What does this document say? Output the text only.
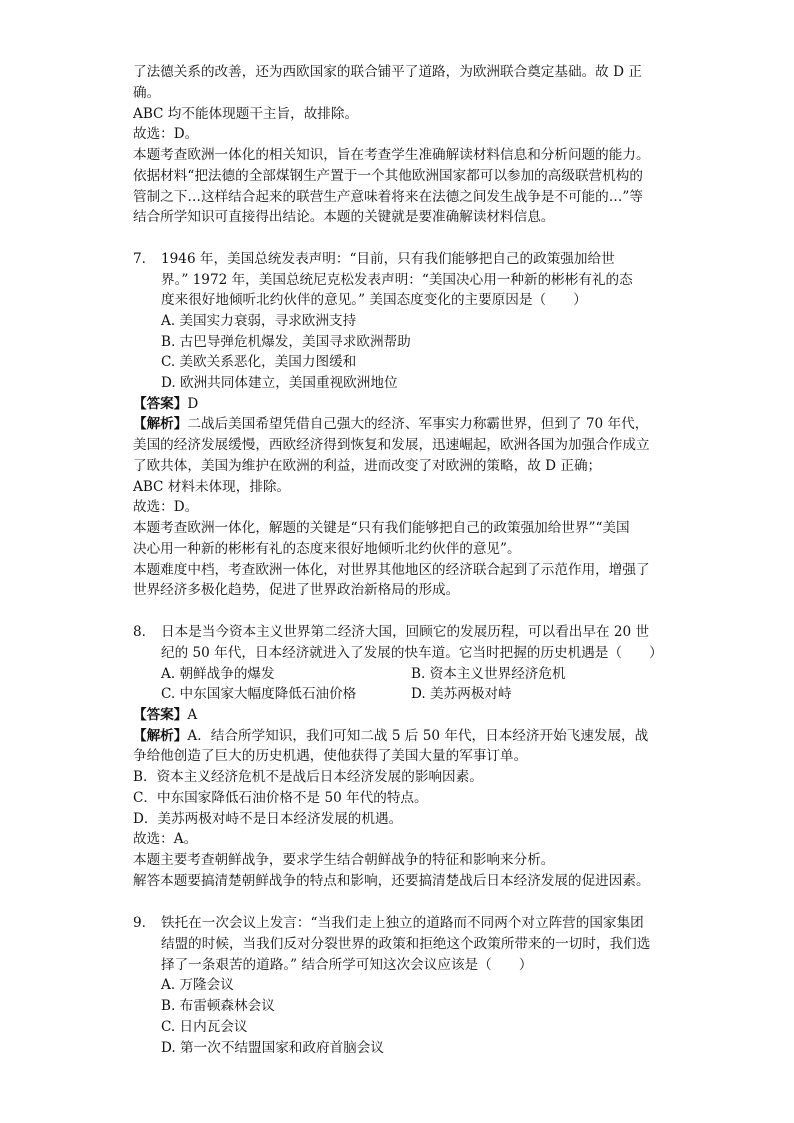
了法德关系的改善，还为西欧国家的联合铺平了道路，为欧洲联合奠定基础。故 D 正
确。
ABC 均不能体现题干主旨，故排除。
故选：D。
本题考查欧洲一体化的相关知识，旨在考查学生准确解读材料信息和分析问题的能力。
依据材料“把法德的全部煤钢生产置于一个其他欧洲国家都可以参加的高级联营机构的
管制之下…这样结合起来的联营生产意味着将来在法德之间发生战争是不可能的…”等
结合所学知识可直接得出结论。本题的关键就是要准确解读材料信息。
7. 1946 年，美国总统发表声明：“目前，只有我们能够把自己的政策强加给世
界。” 1972 年，美国总统尼克松发表声明：“美国决心用一种新的彬彬有礼的态
度来很好地倾听北约伙伴的意见。” 美国态度变化的主要原因是（　　）
A. 美国实力衰弱，寻求欧洲支持
B. 古巴导弹危机爆发，美国寻求欧洲帮助
C. 美欧关系恶化，美国力图缓和
D. 欧洲共同体建立，美国重视欧洲地位
【答案】D
【解析】二战后美国希望凭借自己强大的经济、军事实力称霸世界，但到了 70 年代，
美国的经济发展缓慢，西欧经济得到恢复和发展，迅速崛起，欧洲各国为加强合作成立
了欧共体，美国为维护在欧洲的利益，进而改变了对欧洲的策略，故 D 正确；
ABC 材料未体现，排除。
故选：D。
本题考查欧洲一体化，解题的关键是“只有我们能够把自己的政策强加给世界”“美国
决心用一种新的彬彬有礼的态度来很好地倾听北约伙伴的意见”。
本题难度中档，考查欧洲一体化，对世界其他地区的经济联合起到了示范作用，增强了
世界经济多极化趋势，促进了世界政治新格局的形成。
8. 日本是当今资本主义世界第二经济大国，回顾它的发展历程，可以看出早在 20 世
纪的 50 年代，日本经济就进入了发展的快车道。它当时把握的历史机遇是（　　）
A. 朝鲜战争的爆发	B. 资本主义世界经济危机
C. 中东国家大幅度降低石油价格	D. 美苏两极对峙
【答案】A
【解析】A．结合所学知识，我们可知二战 5 后 50 年代，日本经济开始飞速发展，战
争给他创造了巨大的历史机遇，使他获得了美国大量的军事订单。
B．资本主义经济危机不是战后日本经济发展的影响因素。
C．中东国家降低石油价格不是 50 年代的特点。
D．美苏两极对峙不是日本经济发展的机遇。
故选：A。
本题主要考查朝鲜战争，要求学生结合朝鲜战争的特征和影响来分析。
解答本题要搞清楚朝鲜战争的特点和影响，还要搞清楚战后日本经济发展的促进因素。
9. 铁托在一次会议上发言：“当我们走上独立的道路而不同两个对立阵营的国家集团
结盟的时候，当我们反对分裂世界的政策和拒绝这个政策所带来的一切时，我们选
择了一条艰苦的道路。” 结合所学可知这次会议应该是（　　）
A. 万隆会议
B. 布雷顿森林会议
C. 日内瓦会议
D. 第一次不结盟国家和政府首脑会议
